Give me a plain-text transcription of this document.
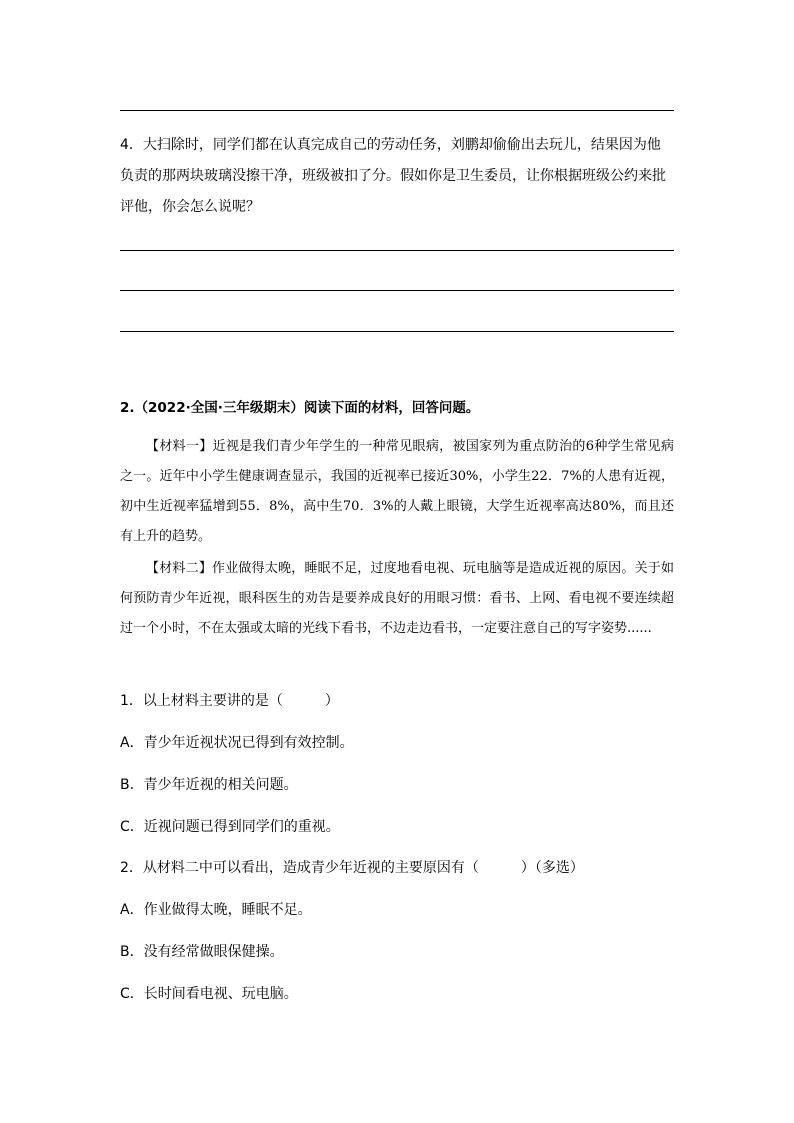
4．大扫除时，同学们都在认真完成自己的劳动任务，刘鹏却偷偷出去玩儿，结果因为他负责的那两块玻璃没擦干净，班级被扣了分。假如你是卫生委员，让你根据班级公约来批评他，你会怎么说呢？

2.（2022·全国·三年级期末）阅读下面的材料，回答问题。

【材料一】近视是我们青少年学生的一种常见眼病，被国家列为重点防治的6种学生常见病之一。近年中小学生健康调查显示，我国的近视率已接近30%，小学生22．7%的人患有近视，初中生近视率猛增到55．8%，高中生70．3%的人戴上眼镜，大学生近视率高达80%，而且还有上升的趋势。

【材料二】作业做得太晚，睡眠不足，过度地看电视、玩电脑等是造成近视的原因。关于如何预防青少年近视，眼科医生的劝告是要养成良好的用眼习惯：看书、上网、看电视不要连续超过一个小时，不在太强或太暗的光线下看书，不边走边看书，一定要注意自己的写字姿势......

1．以上材料主要讲的是（　　　）

A．青少年近视状况已得到有效控制。

B．青少年近视的相关问题。

C．近视问题已得到同学们的重视。

2．从材料二中可以看出，造成青少年近视的主要原因有（　　　）（多选）

A．作业做得太晚，睡眠不足。

B．没有经常做眼保健操。

C．长时间看电视、玩电脑。
